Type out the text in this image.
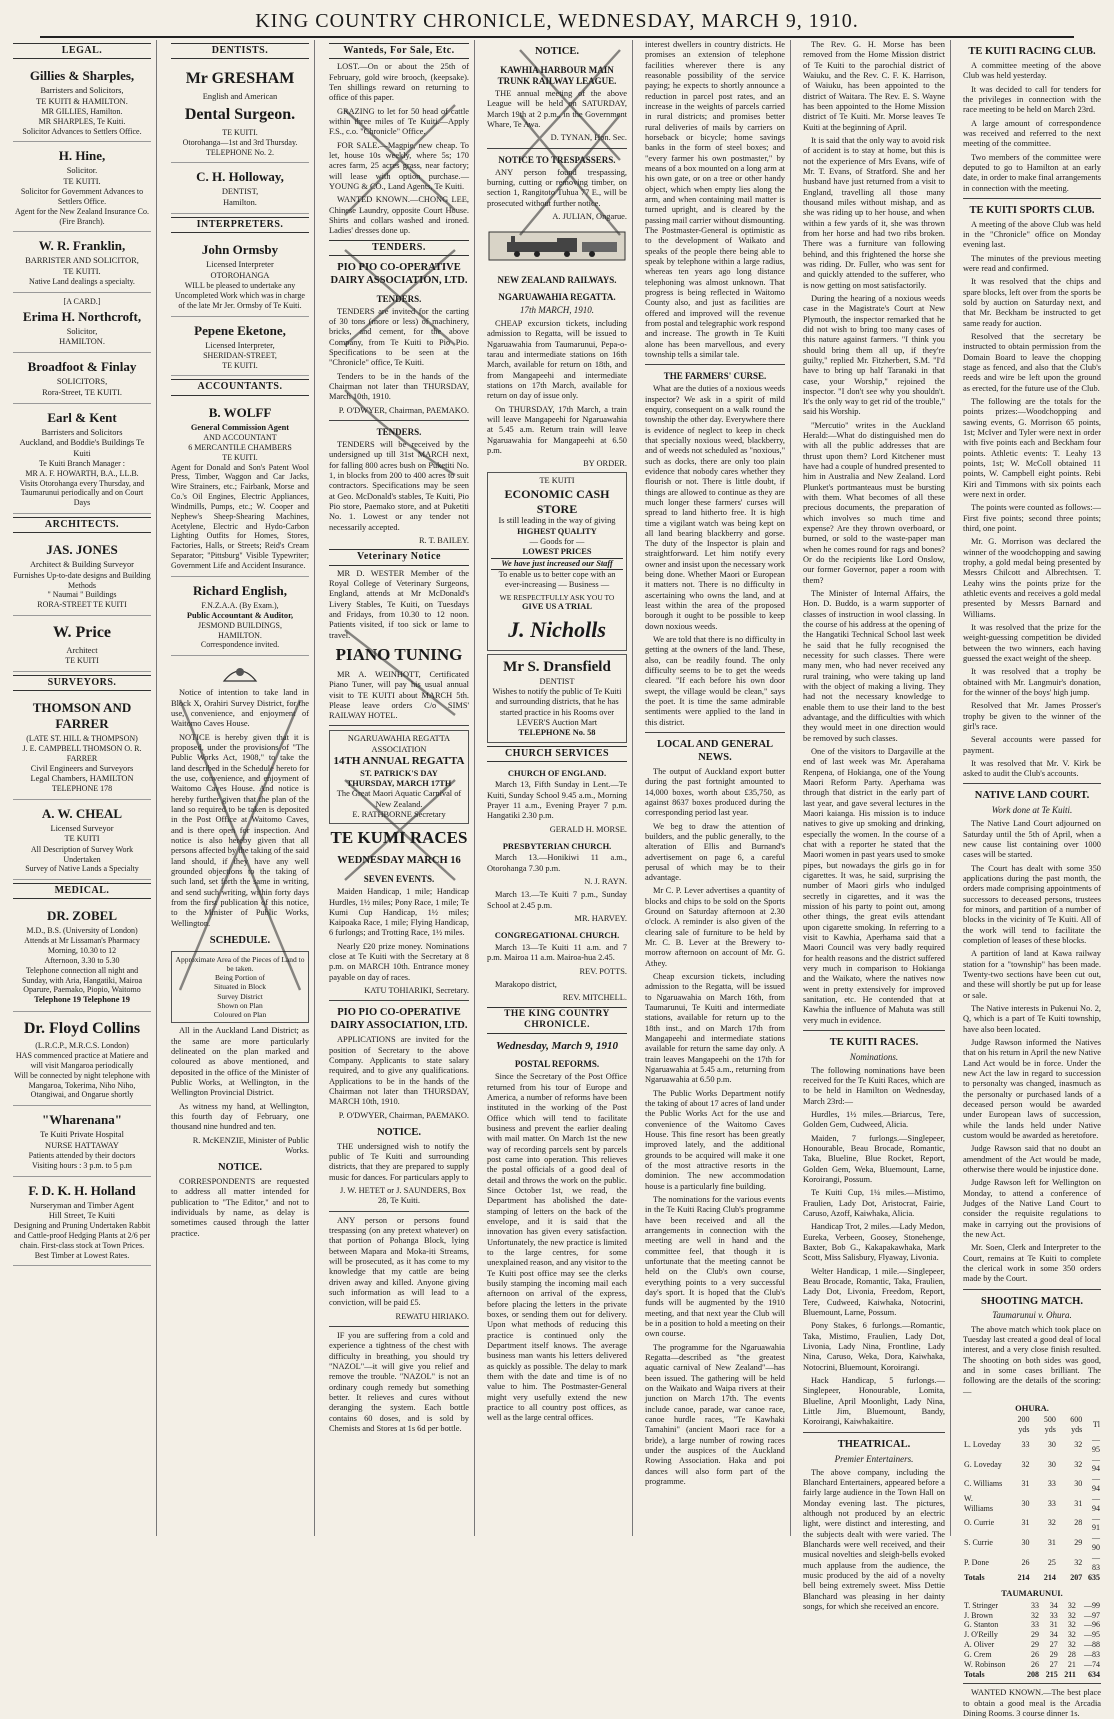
KING COUNTRY CHRONICLE, WEDNESDAY, MARCH 9, 1910.
LEGAL.
Gillies & Sharples,
Barristers and Solicitors,
TE KUITI & HAMILTON.
MR GILLIES, Hamilton.
MR SHARPLES, Te Kuiti.
Solicitor Advances to Settlers Office.
H. Hine,
Solicitor.
TE KUITI.
Solicitor for Government Advances to Settlers Office.
Agent for the New Zealand Insurance Co. (Fire Branch).
W. R. Franklin,
BARRISTER AND SOLICITOR,
TE KUITI.
Native Land dealings a specialty.
[A CARD.]
Erima H. Northcroft,
Solicitor,
HAMILTON.
Broadfoot & Finlay
SOLICITORS,
Rora-Street, TE KUITI.
Earl & Kent
Barristers and Solicitors
Auckland, and Boddie's Buildings Te Kuiti
Te Kuiti Branch Manager :
MR A. F. HOWARTH, B.A., LL.B.
Visits Otorohanga every Thursday, and Taumarunui periodically and on Court Days
ARCHITECTS.
JAS. JONES
Architect & Building Surveyor
Furnishes Up-to-date designs and Building Methods
" Naumai " Buildings
RORA-STREET TE KUITI
W. Price
Architect
TE KUITI
SURVEYORS.
THOMSON AND FARRER
(LATE ST. HILL & THOMPSON)
J. E. CAMPBELL THOMSON O. R. FARRER
Civil Engineers and Surveyors
Legal Chambers, HAMILTON
TELEPHONE 178
A. W. CHEAL
Licensed Surveyor
TE KUITI
All Description of Survey Work Undertaken
Survey of Native Lands a Specialty
MEDICAL.
DR. ZOBEL
M.D., B.S. (University of London)
Attends at Mr Lissaman's Pharmacy
Morning, 10.30 to 12
Afternoon, 3.30 to 5.30
Telephone connection all night and Sunday, with Aria, Hangatiki, Mairoa Oparure, Paemako, Piopio, Waitomo
Telephone 19 Telephone 19
Dr. Floyd Collins
(L.R.C.P., M.R.C.S. London)
HAS commenced practice at Matiere and will visit Mangaroa periodically
Will be connected by night telephone with Mangaroa, Tokerima, Niho Niho, Otangiwai, and Ongarue shortly
"Wharenana"
Te Kuiti Private Hospital
NURSE HATTAWAY
Patients attended by their doctors
Visiting hours : 3 p.m. to 5 p.m
F. D. K. H. Holland
Nurseryman and Timber Agent
Hill Street, Te Kuiti
Designing and Pruning Undertaken Rabbit and Cattle-proof Hedging Plants at 2/6 per chain. First-class stock at Town Prices. Best Timber at Lowest Rates.
DENTISTS.
Mr GRESHAM
English and American
Dental Surgeon.
TE KUITI.
Otorohanga—1st and 3rd Thursday.
TELEPHONE No. 2.
C. H. Holloway,
DENTIST,
Hamilton.
INTERPRETERS.
John Ormsby
Licensed Interpreter
OTOROHANGA
WILL be pleased to undertake any Uncompleted Work which was in charge of the late Mr Jer. Ormsby of Te Kuiti.
Pepene Eketone,
Licensed Interpreter,
SHERIDAN-STREET,
TE KUITI.
ACCOUNTANTS.
B. WOLFF
General Commission Agent
AND ACCOUNTANT
6 MERCANTILE CHAMBERS
TE KUITI.
Agent for Donald and Son's Patent Wool Press, Timber, Waggon and Car Jacks, Wire Strainers, etc.; Fairbank, Morse and Co.'s Oil Engines, Electric Appliances, Windmills, Pumps, etc.; W. Cooper and Nephew's Sheep-Shearing Machines, Acetylene, Electric and Hydo-Carbon Lighting Outfits for Homes, Stores, Factories, Halls, or Streets; Reid's Cream Separator; "Pittsburg" Visible Typewriter; Government Life and Accident Insurance.
Richard English,
F.N.Z.A.A. (By Exam.),
Public Accountant & Auditor,
JESMOND BUILDINGS,
HAMILTON.
Correspondence invited.

Notice of intention to take land in Block X, Orahiri Survey District, for the use, convenience, and enjoyment of Waitomo Caves House.

NOTICE is hereby given that it is proposed, under the provisions of "The Public Works Act, 1908," to take the land described in the Schedule hereto for the use, convenience, and enjoyment of Waitomo Caves House. And notice is hereby further given that the plan of the land so required to be taken is deposited in the Post Office at Waitomo Caves, and is there open for inspection. And notice is also hereby given that all persons affected by the taking of the said land should, if they have any well grounded objections to the taking of such land, set forth the same in writing, and send such writing, within forty days from the first publication of this notice, to the Minister of Public Works, Wellington.

SCHEDULE.
Approximate Area of the Pieces of Land to be taken.
Being Portion of
Situated in Block
Survey District
Shown on Plan
Coloured on Plan

All in the Auckland Land District; as the same are more particularly delineated on the plan marked and coloured as above mentioned, and deposited in the office of the Minister of Public Works, at Wellington, in the Wellington Provincial District.

As witness my hand, at Wellington, this fourth day of February, one thousand nine hundred and ten.

R. McKENZIE, Minister of Public Works.

NOTICE.

CORRESPONDENTS are requested to address all matter intended for publication to "The Editor," and not to individuals by name, as delay is sometimes caused through the latter practice.

Wanteds, For Sale, Etc.

LOST.—On or about the 25th of February, gold wire brooch, (keepsake). Ten shillings reward on returning to office of this paper.

GRAZING to let for 50 head of cattle within three miles of Te Kuiti.—Apply F.S., c.o. "Chronicle" Office.

FOR SALE.—Magpie, new cheap. To let, house 10s weekly, where 5s; 170 acres farm, 25 acres grass, near factory; will lease with option purchase.—YOUNG & CO., Land Agents, Te Kuiti.

WANTED KNOWN.—CHONG LEE, Chinese Laundry, opposite Court House. Shirts and collars washed and ironed. Ladies' dresses done up.

TENDERS.
PIO PIO CO-OPERATIVE DAIRY ASSOCIATION, LTD.
TENDERS.

TENDERS are invited for the carting of 30 tons (more or less) of machinery, bricks, and cement, for the above Company, from Te Kuiti to Pio Pio. Specifications to be seen at the "Chronicle" office, Te Kuiti.

Tenders to be in the hands of the Chairman not later than THURSDAY, March 10th, 1910.

P. O'DWYER, Chairman, PAEMAKO.

TENDERS.

TENDERS will be received by the undersigned up till 31st MARCH next, for falling 800 acres bush on Puketiti No. 1, in blocks from 200 to 400 acres to suit contractors. Specifications may be seen at Geo. McDonald's stables, Te Kuiti, Pio Pio store, Paemako store, and at Puketiti No. 1. Lowest or any tender not necessarily accepted.

R. T. BAILEY.

Veterinary Notice

MR D. WESTER Member of the Royal College of Veterinary Surgeons, England, attends at Mr McDonald's Livery Stables, Te Kuiti, on Tuesdays and Fridays, from 10.30 to 12 noon. Patients visited, if too sick or lame to travel.

PIANO TUNING

MR A. WEINHOTT, Certificated Piano Tuner, will pay his usual annual visit to TE KUITI about MARCH 5th. Please leave orders C/o SIMS' RAILWAY HOTEL.

NGARUAWAHIA REGATTA ASSOCIATION
14TH ANNUAL REGATTA
ST. PATRICK'S DAY
THURSDAY, MARCH 17TH
The Great Maori Aquatic Carnival of New Zealand.
E. RATHBORNE Secretary
TE KUMI RACES
WEDNESDAY MARCH 16
SEVEN EVENTS.

Maiden Handicap, 1 mile; Handicap Hurdles, 1½ miles; Pony Race, 1 mile; Te Kumi Cup Handicap, 1½ miles; Kaipoaka Race, 1 mile; Flying Handicap, 6 furlongs; and Trotting Race, 1½ miles.

Nearly £20 prize money. Nominations close at Te Kuiti with the Secretary at 8 p.m. on MARCH 10th. Entrance money payable on day of races.

KATU TOHIARIKI, Secretary.

PIO PIO CO-OPERATIVE DAIRY ASSOCIATION, LTD.

APPLICATIONS are invited for the position of Secretary to the above Company. Applicants to state salary required, and to give any qualifications. Applications to be in the hands of the Chairman not later than THURSDAY, MARCH 10th, 1910.

P. O'DWYER, Chairman, PAEMAKO.

NOTICE.

THE undersigned wish to notify the public of Te Kuiti and surrounding districts, that they are prepared to supply music for dances. For particulars apply to

J. W. HETET or J. SAUNDERS, Box 28, Te Kuiti.

ANY person or persons found trespassing (on any pretext whatever) on that portion of Pohanga Block, lying between Mapara and Moka-iti Streams, will be prosecuted, as it has come to my knowledge that my cattle are being driven away and killed. Anyone giving such information as will lead to a conviction, will be paid £5.

REWATU HIRIAKO.

IF you are suffering from a cold and experience a tightness of the chest with difficulty in breathing, you should try "NAZOL"—it will give you relief and remove the trouble. "NAZOL" is not an ordinary cough remedy but something better. It relieves and cures without deranging the system. Each bottle contains 60 doses, and is sold by Chemists and Stores at 1s 6d per bottle.

NOTICE.
KAWHIA HARBOUR MAIN TRUNK RAILWAY LEAGUE.

THE annual meeting of the above League will be held on SATURDAY, March 19th at 2 p.m., in the Government Whare, Te Awa.

D. TYNAN, Hon. Sec.

NOTICE TO TRESPASSERS.

ANY person found trespassing, burning, cutting or removing timber, on section 1, Rangitoto Tuhua 77 E., will be prosecuted without further notice.

A. JULIAN, Ongarue.

NEW ZEALAND RAILWAYS.
NGARUAWAHIA REGATTA.
17th MARCH, 1910.

CHEAP excursion tickets, including admission to Regatta, will be issued to Ngaruawahia from Taumarunui, Pepa-o-tarau and intermediate stations on 16th March, available for return on 18th, and from Mangapeehi and intermediate stations on 17th March, available for return on day of issue only.

On THURSDAY, 17th March, a train will leave Mangapeehi for Ngaruawahia at 5.45 a.m. Return train will leave Ngaruawahia for Mangapeehi at 6.50 p.m.

BY ORDER.

TE KUITI
ECONOMIC CASH STORE
Is still leading in the way of giving
HIGHEST QUALITY
— Goods for —
LOWEST PRICES
We have just increased our Staff
To enable us to better cope with an ever-increasing — Business —
WE RESPECTFULLY ASK YOU TO
GIVE US A TRIAL
J. Nicholls
Mr S. Dransfield
DENTIST
Wishes to notify the public of Te Kuiti and surrounding districts, that he has started practice in his Rooms over LEVER'S Auction Mart
TELEPHONE No. 58
CHURCH SERVICES
CHURCH OF ENGLAND.

March 13, Fifth Sunday in Lent.—Te Kuiti, Sunday School 9.45 a.m., Morning Prayer 11 a.m., Evening Prayer 7 p.m. Hangatiki 2.30 p.m.

GERALD H. MORSE.

PRESBYTERIAN CHURCH.

March 13.—Honikiwi 11 a.m., Otorohanga 7.30 p.m.

N. J. RAYN.

March 13.—Te Kuiti 7 p.m., Sunday School at 2.45 p.m.

MR. HARVEY.

CONGREGATIONAL CHURCH.

March 13—Te Kuiti 11 a.m. and 7 p.m. Mairoa 11 a.m. Mairoa-hua 2.45.

REV. POTTS.

Marakopo district,

REV. MITCHELL.

THE KING COUNTRY CHRONICLE.
Wednesday, March 9, 1910
POSTAL REFORMS.

Since the Secretary of the Post Office returned from his tour of Europe and America, a number of reforms have been instituted in the working of the Post Office which will tend to facilitate business and prevent the earlier dealing with mail matter. On March 1st the new way of recording parcels sent by parcels post came into operation. This relieves the postal officials of a good deal of detail and throws the work on the public. Since October 1st, we read, the Department has abolished the date-stamping of letters on the back of the envelope, and it is said that the innovation has given every satisfaction. Unfortunately, the new practice is limited to the large centres, for some unexplained reason, and any visitor to the Te Kuiti post office may see the clerks busily stamping the incoming mail each afternoon on arrival of the express, before placing the letters in the private boxes, or sending them out for delivery. Upon what methods of reducing this practice is continued only the Department itself knows. The average business man wants his letters delivered as quickly as possible. The delay to mark them with the date and time is of no value to him. The Postmaster-General might very usefully extend the new practice to all country post offices, as well as the large central offices.

interest dwellers in country districts. He promises an extension of telephone facilities wherever there is any reasonable possibility of the service paying; he expects to shortly announce a reduction in parcel post rates, and an increase in the weights of parcels carried in rural districts; and promises better rural deliveries of mails by carriers on horseback or bicycle; home savings banks in the form of steel boxes; and "every farmer his own postmaster," by means of a box mounted on a long arm at his own gate, or on a tree or other handy object, which when empty lies along the arm, and when containing mail matter is turned upright, and is cleared by the passing mail carrier without dismounting. The Postmaster-General is optimistic as to the development of Waikato and speaks of the people there being able to speak by telephone within a large radius, whereas ten years ago long distance telephoning was almost unknown. That progress is being reflected in Waitomo County also, and just as facilities are offered and improved will the revenue from postal and telegraphic work respond and increase. The growth in Te Kuiti alone has been marvellous, and every township tells a similar tale.

THE FARMERS' CURSE.

What are the duties of a noxious weeds inspector? We ask in a spirit of mild enquiry, consequent on a walk round the township the other day. Everywhere there is evidence of neglect to keep in check that specially noxious weed, blackberry, and of weeds not scheduled as "noxious," such as docks, there are only too plain evidence that nobody cares whether they flourish or not. There is little doubt, if things are allowed to continue as they are much longer these farmers' curses will spread to land hitherto free. It is high time a vigilant watch was being kept on all land bearing blackberry and gorse. The duty of the Inspector is plain and straightforward. Let him notify every owner and insist upon the necessary work being done. Whether Maori or European it matters not. There is no difficulty in ascertaining who owns the land, and at least within the area of the proposed borough it ought to be possible to keep down noxious weeds.

We are told that there is no difficulty in getting at the owners of the land. These, also, can be readily found. The only difficulty seems to be to get the weeds cleared. "If each before his own door swept, the village would be clean," says the poet. It is time the same admirable sentiments were applied to the land in this district.

LOCAL AND GENERAL NEWS.

The output of Auckland export butter during the past fortnight amounted to 14,000 boxes, worth about £35,750, as against 8637 boxes produced during the corresponding period last year.

We beg to draw the attention of builders, and the public generally, to the alteration of Ellis and Burnand's advertisement on page 6, a careful perusal of which may be to their advantage.

Mr C. P. Lever advertises a quantity of blocks and chips to be sold on the Sports Ground on Saturday afternoon at 2.30 o'clock. A reminder is also given of the clearing sale of furniture to be held by Mr. C. B. Lever at the Brewery to-morrow afternoon on account of Mr. G. Athey.

Cheap excursion tickets, including admission to the Regatta, will be issued to Ngaruawahia on March 16th, from Taumarunui, Te Kuiti and intermediate stations, available for return up to the 18th inst., and on March 17th from Mangapeehi and intermediate stations available for return the same day only. A train leaves Mangapeehi on the 17th for Ngaruawahia at 5.45 a.m., returning from Ngaruawahia at 6.50 p.m.

The Public Works Department notify the taking of about 17 acres of land under the Public Works Act for the use and convenience of the Waitomo Caves House. This fine resort has been greatly improved lately, and the additional grounds to be acquired will make it one of the most attractive resorts in the dominion. The new accommodation house is a particularly fine building.

The nominations for the various events in the Te Kuiti Racing Club's programme have been received and all the arrangements in connection with the meeting are well in hand and the committee feel, that though it is unfortunate that the meeting cannot be held on the Club's own course, everything points to a very successful day's sport. It is hoped that the Club's funds will be augmented by the 1910 meeting, and that next year the Club will be in a position to hold a meeting on their own course.

The programme for the Ngaruawahia Regatta—described as "the greatest aquatic carnival of New Zealand"—has been issued. The gathering will be held on the Waikato and Waipa rivers at their junction on March 17th. The events include canoe, parade, war canoe race, canoe hurdle races, "Te Kawhaki Tamahini" (ancient Maori race for a bride), a large number of rowing races under the auspices of the Auckland Rowing Association. Haka and poi dances will also form part of the programme.

The Rev. G. H. Morse has been removed from the Home Mission district of Te Kuiti to the parochial district of Waiuku, and the Rev. C. F. K. Harrison, of Waiuku, has been appointed to the district of Waitara. The Rev. E. S. Wayne has been appointed to the Home Mission district of Te Kuiti. Mr. Morse leaves Te Kuiti at the beginning of April.

It is said that the only way to avoid risk of accident is to stay at home, but this is not the experience of Mrs Evans, wife of Mr. T. Evans, of Stratford. She and her husband have just returned from a visit to England, travelling all those many thousand miles without mishap, and as she was riding up to her house, and when within a few yards of it, she was thrown from her horse and had two ribs broken. There was a furniture van following behind, and this frightened the horse she was riding. Dr. Fuller, who was sent for and quickly attended to the sufferer, who is now getting on most satisfactorily.

During the hearing of a noxious weeds case in the Magistrate's Court at New Plymouth, the inspector remarked that he did not wish to bring too many cases of this nature against farmers. "I think you should bring them all up, if they're guilty," replied Mr. Fitzherbert, S.M. "I'd have to bring up half Taranaki in that case, your Worship," rejoined the inspector. "I don't see why you shouldn't. It's the only way to get rid of the trouble," said his Worship.

"Mercutio" writes in the Auckland Herald:—What do distinguished men do with all the public addresses that are thrust upon them? Lord Kitchener must have had a couple of hundred presented to him in Australia and New Zealand. Lord Plunket's portmanteaus must be bursting with them. What becomes of all these precious documents, the preparation of which involves so much time and expense? Are they thrown overboard, or burned, or sold to the waste-paper man when he comes round for rags and bones? Or do the recipients like Lord Onslow, our former Governor, paper a room with them?

The Minister of Internal Affairs, the Hon. D. Buddo, is a warm supporter of classes of instruction in wool classing. In the course of his address at the opening of the Hangatiki Technical School last week he said that he fully recognised the necessity for such classes. There were many men, who had never received any rural training, who were taking up land with the object of making a living. They had not the necessary knowledge to enable them to use their land to the best advantage, and the difficulties with which they would meet in one direction would be removed by such classes.

One of the visitors to Dargaville at the end of last week was Mr. Aperahama Renpena, of Hokianga, one of the Young Maori Reform Party. Aperhama was through that district in the early part of last year, and gave several lectures in the Maori kaianga. His mission is to induce natives to give up smoking and drinking, especially the women. In the course of a chat with a reporter he stated that the Maori women in past years used to smoke pipes, but nowadays the girls go in for cigarettes. It was, he said, surprising the number of Maori girls who indulged secretly in cigarettes, and it was the mission of his party to point out, among other things, the great evils attendant upon cigarette smoking. In referring to a visit to Kawhia, Aperhama said that a Maori Council was very badly required for health reasons and the district suffered very much in comparison to Hokianga and the Waikato, where the natives now went in pretty extensively for improved sanitation, etc. He contended that at Kawhia the influence of Mahuta was still very much in evidence.

TE KUITI RACES.
Nominations.

The following nominations have been received for the Te Kuiti Races, which are to be held in Hamilton on Wednesday, March 23rd:—

Hurdles, 1½ miles.—Briarcus, Tere, Golden Gem, Cudweed, Alicia.

Maiden, 7 furlongs.—Singlepeer, Honourable, Beau Brocade, Romantic, Taka, Blueline, Blue Rocket, Report, Golden Gem, Weka, Bluemount, Larne, Koroirangi, Possum.

Te Kuiti Cup, 1¼ miles.—Mistimo, Fraulien, Lady Dot, Aristocrat, Fairie, Caruso, Azoff, Kaiwhaka, Alicia.

Handicap Trot, 2 miles.—Lady Medon, Eureka, Verbeen, Goosey, Stonehenge, Baxter, Bob G., Kakapakawhaka, Mark Scott, Miss Salisbury, Flyaway, Livonia.

Welter Handicap, 1 mile.—Singlepeer, Beau Brocade, Romantic, Taka, Fraulien, Lady Dot, Livonia, Freedom, Report, Tere, Cudweed, Kaiwhaka, Notocrini, Bluemount, Larne, Possum.

Pony Stakes, 6 furlongs.—Romantic, Taka, Mistimo, Fraulien, Lady Dot, Livonia, Lady Nina, Frontline, Lady Nina, Caruso, Weka, Dora, Kaiwhaka, Notocrini, Bluemount, Koroirangi.

Hack Handicap, 5 furlongs.—Singlepeer, Honourable, Lomita, Blueline, April Moonlight, Lady Nina, Little Jim, Bluemount, Bandy, Koroirangi, Kaiwhakaitire.

THEATRICAL.
Premier Entertainers.

The above company, including the Blanchard Entertainers, appeared before a fairly large audience in the Town Hall on Monday evening last. The pictures, although not produced by an electric light, were distinct and interesting, and the subjects dealt with were varied. The Blanchards were well received, and their musical novelties and sleigh-bells evoked much applause from the audience, the music produced by the aid of a novelty bell being extremely sweet. Miss Dettie Blanchard was pleasing in her dainty songs, for which she received an encore.

TE KUITI RACING CLUB.

A committee meeting of the above Club was held yesterday.

It was decided to call for tenders for the privileges in connection with the race meeting to be held on March 23rd.

A large amount of correspondence was received and referred to the next meeting of the committee.

Two members of the committee were deputed to go to Hamilton at an early date, in order to make final arrangements in connection with the meeting.

TE KUITI SPORTS CLUB.

A meeting of the above Club was held in the "Chronicle" office on Monday evening last.

The minutes of the previous meeting were read and confirmed.

It was resolved that the chips and spare blocks, left over from the sports be sold by auction on Saturday next, and that Mr. Beckham be instructed to get same ready for auction.

Resolved that the secretary be instructed to obtain permission from the Domain Board to leave the chopping stage as fenced, and also that the Club's reeds and wire be left upon the ground as erected, for the future use of the Club.

The following are the totals for the points prizes:—Woodchopping and sawing events, G. Morrison 65 points, 1st; McIver and Tyler were next in order with five points each and Beckham four points. Athletic events: T. Leahy 13 points, 1st; W. McColl obtained 11 points, W. Campbell eight points. Rebi Kiri and Timmons with six points each were next in order.

The points were counted as follows:—First five points; second three points; third, one point.

Mr. G. Morrison was declared the winner of the woodchopping and sawing trophy, a gold medal being presented by Messrs Chilcott and Albrechtsen. T. Leahy wins the points prize for the athletic events and receives a gold medal presented by Messrs Barnard and Williams.

It was resolved that the prize for the weight-guessing competition be divided between the two winners, each having guessed the exact weight of the sheep.

It was resolved that a trophy be obtained with Mr. Langmuir's donation, for the winner of the boys' high jump.

Resolved that Mr. James Prosser's trophy be given to the winner of the girl's race.

Several accounts were passed for payment.

It was resolved that Mr. V. Kirk be asked to audit the Club's accounts.

NATIVE LAND COURT.
Work done at Te Kuiti.

The Native Land Court adjourned on Saturday until the 5th of April, when a new cause list containing over 1000 cases will be started.

The Court has dealt with some 350 applications during the past month, the orders made comprising appointments of successors to deceased persons, trustees for minors, and partition of a number of blocks in the vicinity of Te Kuiti. All of the work will tend to facilitate the completion of leases of these blocks.

A partition of land at Kawa railway station for a "township" has been made. Twenty-two sections have been cut out, and these will shortly be put up for lease or sale.

The Native interests in Pukenui No. 2, Q, which is a part of Te Kuiti township, have also been located.

Judge Rawson informed the Natives that on his return in April the new Native Land Act would be in force. Under the new Act the law in regard to succession to personalty was changed, inasmuch as the personalty or purchased lands of a deceased person would be awarded under European laws of succession, while the lands held under Native custom would be awarded as heretofore.

Judge Rawson said that no doubt an amendment of the Act would be made, otherwise there would be injustice done.

Judge Rawson left for Wellington on Monday, to attend a conference of Judges of the Native Land Court to consider the requisite regulations to make in carrying out the provisions of the new Act.

Mr. Soen, Clerk and Interpreter to the Court, remains at Te Kuiti to complete the clerical work in some 350 orders made by the Court.

SHOOTING MATCH.
Taumarunui v. Ohura.

The above match which took place on Tuesday last created a good deal of local interest, and a very close finish resulted. The shooting on both sides was good, and in some cases brilliant. The following are the details of the scoring:—

OHURA.
	200 yds	500 yds	600 yds	Tl
L. Loveday	33	30	32	—95
G. Loveday	32	30	32	—94
C. Williams	31	33	30	—94
W. Williams	30	33	31	—94
O. Currie	31	32	28	—91
S. Currie	30	31	29	—90
P. Done	26	25	32	—83
Totals	214	214	207	635
TAUMARUNUI.
T. Stringer	33	34	32	—99
J. Brown	32	33	32	—97
G. Stanton	33	31	32	—96
J. O'Reilly	29	34	32	—95
A. Oliver	29	27	32	—88
G. Crem	26	29	28	—83
W. Robinson	26	27	21	—74
Totals	208	215	211	634

WANTED KNOWN.—The best place to obtain a good meal is the Arcadia Dining Rooms. 3 course dinner 1s.
